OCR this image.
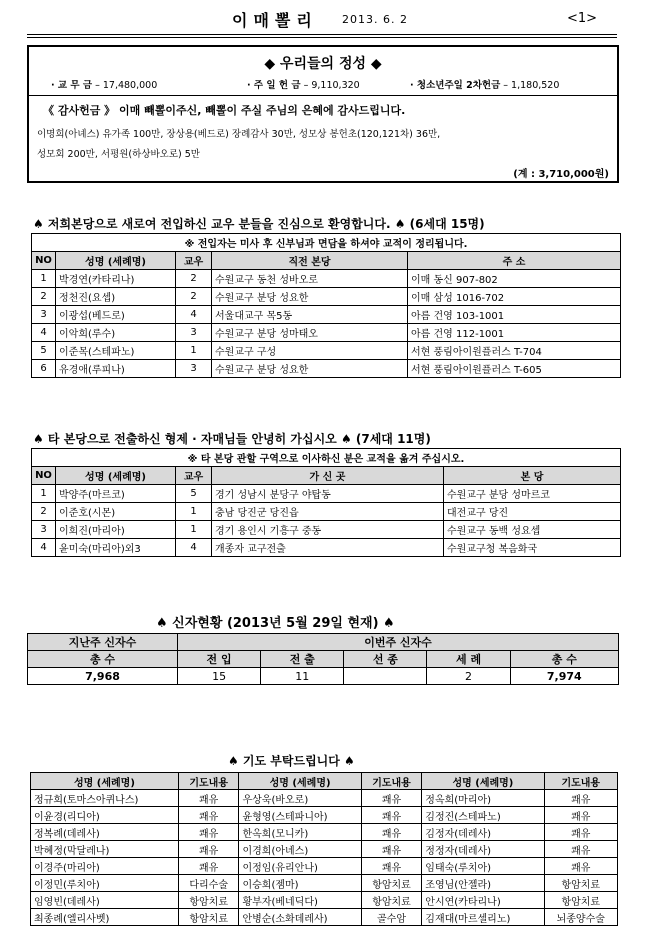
이매뽈리 2013. 6. 2	<1>
◆ 우리들의 정성 ◆
· 교 무 금 – 17,480,000	· 주 일 헌 금 – 9,110,320	· 청소년주일 2차헌금 – 1,180,520
《 감사헌금 》 이매 빼뽈이주신, 빼뽈이 주실 주님의 은혜에 감사드립니다.
이명희(아녜스) 유가족 100만, 장상용(베드로) 장례감사 30만, 성모상 봉헌초(120,121차) 36만,
성모회 200만, 서평원(하상바오로) 5만
(계 : 3,710,000원)
♠ 저희본당으로 새로여 전입하신 교우 분들을 진심으로 환영합니다. ♠ (6세대 15명)
※ 전입자는 미사 후 신부님과 면담을 하셔야 교적이 정리됩니다.				
NO	성명 (세례명)	교우	직전 본당	주 소
1	박경연(카타리나)	2	수원교구 동천 성바오로	이매 동신 907-802
2	정천진(요셉)	2	수원교구 분당 성요한	이매 삼성 1016-702
3	이광섭(베드로)	4	서울대교구 목5동	아름 건영 103-1001
4	이악희(루수)	3	수원교구 분당 성마태오	아름 건영 112-1001
5	이준목(스테파노)	1	수원교구 구성	서현 풍림아이원플러스 T-704
6	유경애(루피나)	3	수원교구 분당 성요한	서현 풍림아이원플러스 T-605
♠ 타 본당으로 전출하신 형제 · 자매님들 안녕히 가십시오 ♠ (7세대 11명)
※ 타 본당 관할 구역으로 이사하신 분은 교적을 옮겨 주십시오.				
NO	성명 (세례명)	교우	가 신 곳	본 당
1	박양주(마르코)	5	경기 성남시 분당구 야탑동	수원교구 분당 성마르코
2	이준호(시몬)	1	충남 당진군 당진읍	대전교구 당진
3	이희진(마리아)	1	경기 용인시 기흥구 중동	수원교구 동백 성요셉
4	윤미숙(마리아)외3	4	개종자 교구전출	수원교구청 복음화국
♠ 신자현황 (2013년 5월 29일 현재) ♠
지난주 신자수	이번주 신자수				
총 수	전 입	전 출	선 종	세 례	총 수
7,968	15	11		2	7,974
♠ 기도 부탁드립니다 ♠
성명 (세례명)	기도내용	성명 (세례명)	기도내용	성명 (세례명)	기도내용
정규희(토마스아퀴나스)	쾌유	우상욱(바오로)	쾌유	정옥희(마리아)	쾌유
이윤경(리디아)	쾌유	윤형영(스테파니아)	쾌유	김정진(스테파노)	쾌유
정복례(데레사)	쾌유	한옥희(모니카)	쾌유	김정자(데레사)	쾌유
박혜정(막달레나)	쾌유	이경희(아녜스)	쾌유	정정자(데레사)	쾌유
이경주(마리아)	쾌유	이정임(유리안나)	쾌유	임태숙(루치아)	쾌유
이정민(루치아)	다리수술	이승희(젬마)	항암치료	조영님(안젤라)	항암치료
임영빈(데레사)	항암치료	황부자(베네딕다)	항암치료	안시연(카타리나)	항암치료
최종례(엘리사벳)	항암치료	안병순(소화데레사)	골수암	김재대(마르셀리노)	뇌종양수술
